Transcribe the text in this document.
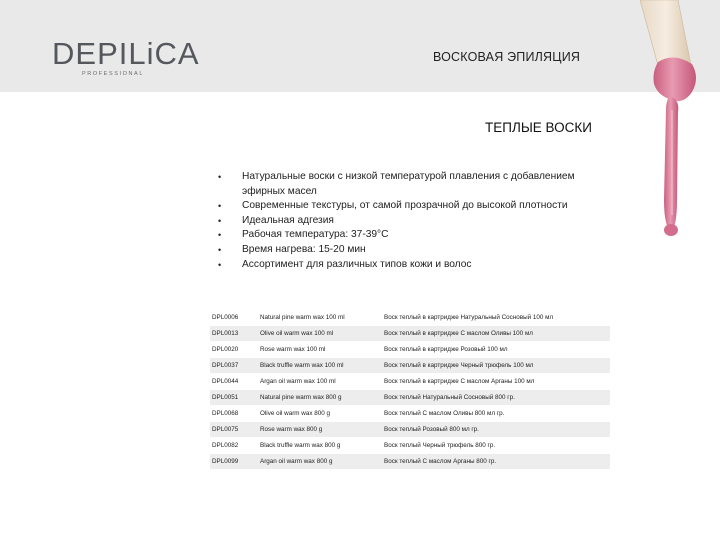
DEPILiCA
PROFESSIONAL
ВОСКОВАЯ ЭПИЛЯЦИЯ
ТЕПЛЫЕ ВОСКИ
• Натуральные воски с низкой температурой плавления с добавлением эфирных масел
• Современные текстуры, от самой прозрачной до высокой плотности
• Идеальная адгезия
• Рабочая температура: 37-39°С
• Время нагрева: 15-20 мин
• Ассортимент для различных типов кожи и волос
DPL0006	Natural pine warm wax 100 ml	Воск теплый в картридже Натуральный Сосновый 100 мл
DPL0013	Olive oil warm wax 100 ml	Воск теплый в картридже С маслом Оливы 100 мл
DPL0020	Rose warm wax 100 ml	Воск теплый в картридже Розовый 100 мл
DPL0037	Black truffle warm wax 100 ml	Воск теплый в картридже Черный трюфель 100 мл
DPL0044	Argan oil warm wax 100 ml	Воск теплый в картридже С маслом Арганы 100 мл
DPL0051	Natural pine warm wax 800 g	Воск теплый Натуральный Сосновый 800 гр.
DPL0068	Olive oil warm wax 800 g	Воск теплый С маслом Оливы 800 мл гр.
DPL0075	Rose warm wax 800 g	Воск теплый Розовый 800 мл гр.
DPL0082	Black truffle warm wax 800 g	Воск теплый Черный трюфель 800 гр.
DPL0099	Argan oil warm wax 800 g	Воск теплый С маслом Арганы 800 гр.
